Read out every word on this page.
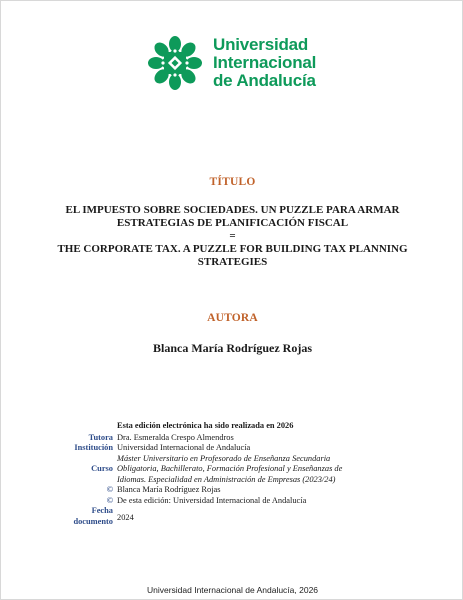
Universidad
Internacional
de Andalucía
TÍTULO
EL IMPUESTO SOBRE SOCIEDADES. UN PUZZLE PARA ARMAR
ESTRATEGIAS DE PLANIFICACIÓN FISCAL
=
THE CORPORATE TAX. A PUZZLE FOR BUILDING TAX PLANNING
STRATEGIES
AUTORA
Blanca María Rodríguez Rojas
Esta edición electrónica ha sido realizada en 2026
Tutora Dra. Esmeralda Crespo Almendros
Institución Universidad Internacional de Andalucía
Curso
Máster Universitario en Profesorado de Enseñanza Secundaria
Obligatoria, Bachillerato, Formación Profesional y Enseñanzas de
Idiomas. Especialidad en Administración de Empresas (2023/24)
© Blanca María Rodríguez Rojas
© De esta edición: Universidad Internacional de Andalucía
Fecha
documento 2024
Universidad Internacional de Andalucía, 2026
